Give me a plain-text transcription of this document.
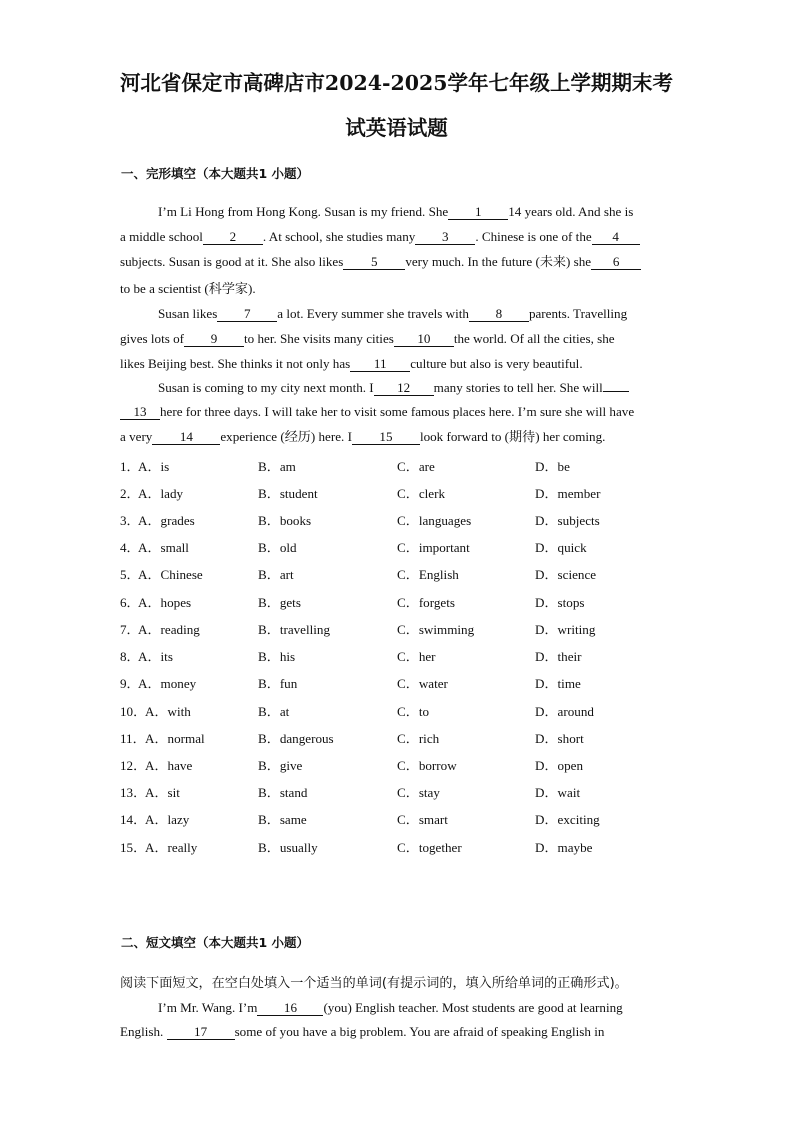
河北省保定市高碑店市2024-2025学年七年级上学期期末考
试英语试题
一、完形填空（本大题共1 小题）
I’m Li Hong from Hong Kong. Susan is my friend. She 1 14 years old. And she is
a middle school 2 . At school, she studies many 3 . Chinese is one of the 4
subjects. Susan is good at it. She also likes 5 very much. In the future (未来) she 6
to be a scientist (科学家).
Susan likes 7 a lot. Every summer she travels with 8 parents. Travelling
gives lots of 9 to her. She visits many cities 10 the world. Of all the cities, she
likes Beijing best. She thinks it not only has 11 culture but also is very beautiful.
Susan is coming to my city next month. I 12 many stories to tell her. She will
13 here for three days. I will take her to visit some famous places here. I’m sure she will have
a very 14 experience (经历) here. I 15 look forward to (期待) her coming.
1．
A．is	B．am	C．are	D．be
2．
A．lady	B．student	C．clerk	D．member
3．
A．grades	B．books	C．languages	D．subjects
4．
A．small	B．old	C．important	D．quick
5．
A．Chinese	B．art	C．English	D．science
6．
A．hopes	B．gets	C．forgets	D．stops
7．
A．reading	B．travelling	C．swimming	D．writing
8．
A．its	B．his	C．her	D．their
9．
A．money	B．fun	C．water	D．time
10．
A．with	B．at	C．to	D．around
11． A．normal	B．dangerous	C．rich	D．short
12．
A．have	B．give	C．borrow	D．open
13．
A．sit	B．stand	C．stay	D．wait
14．
A．lazy	B．same	C．smart	D．exciting
15．
A．really	B．usually	C．together	D．maybe
二、短文填空（本大题共1 小题）
阅读下面短文，在空白处填入一个适当的单词(有提示词的，填入所给单词的正确形式)。
I’m Mr. Wang. I’m 16 (you) English teacher. Most students are good at learning
English. 17 some of you have a big problem. You are afraid of speaking English in
